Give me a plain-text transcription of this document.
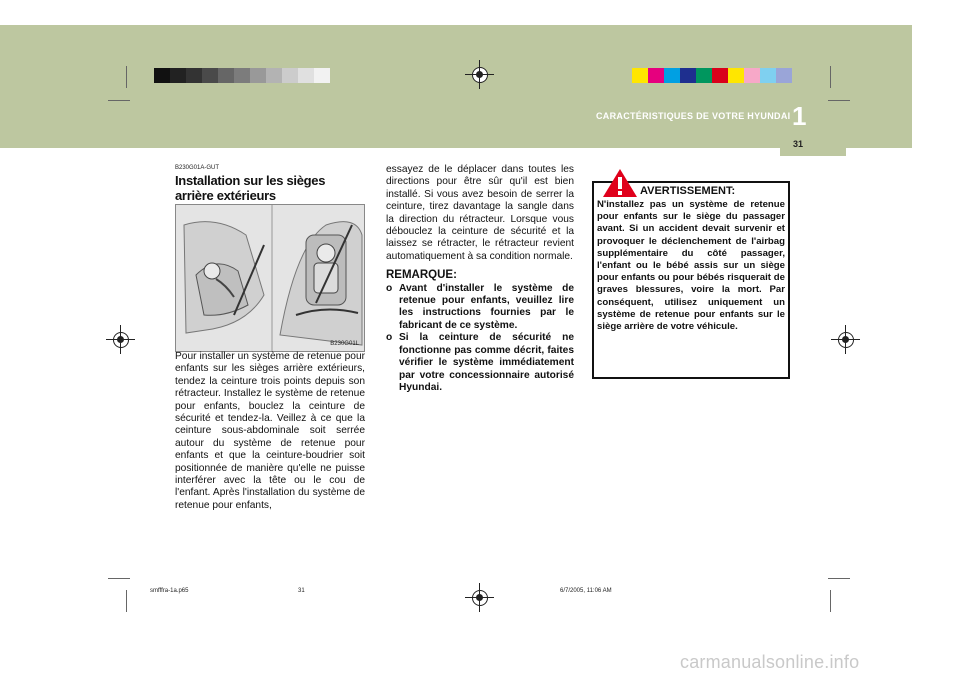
CARACTÉRISTIQUES DE VOTRE HYUNDAI 1
31
B230G01A-GUT
Installation sur les sièges arrière extérieurs
B230G01L
Pour installer un système de retenue pour enfants sur les sièges arrière extérieurs, tendez la ceinture trois points depuis son rétracteur. Installez le système de retenue pour enfants, bouclez la ceinture de sécurité et tendez-la. Veillez à ce que la ceinture sous-abdominale soit serrée autour du système de retenue pour enfants et que la ceinture-boudrier soit positionnée de manière qu'elle ne puisse interférer avec la tête ou le cou de l'enfant. Après l'installation du système de retenue pour enfants,
essayez de le déplacer dans toutes les directions pour être sûr qu'il est bien installé. Si vous avez besoin de serrer la ceinture, tirez davantage la sangle dans la direction du rétracteur. Lorsque vous débouclez la ceinture de sécurité et la laissez se rétracter, le rétracteur revient automatiquement à sa condition normale.
REMARQUE:
o Avant d'installer le système de retenue pour enfants, veuillez lire les instructions fournies par le fabricant de ce système.
o Si la ceinture de sécurité ne fonctionne pas comme décrit, faites vérifier le système immédiatement par votre concessionnaire autorisé Hyundai.
AVERTISSEMENT:
N'installez pas un système de retenue pour enfants sur le siège du passager avant. Si un accident devait survenir et provoquer le déclenchement de l'airbag supplémentaire du côté passager, l'enfant ou le bébé assis sur un siège pour enfants ou pour bébés risquerait de graves blessures, voire la mort. Par conséquent, utilisez uniquement un système de retenue pour enfants sur le siège arrière de votre véhicule.
smfffra-1a.p65	31	6/7/2005, 11:06 AM
carmanualsonline.info
